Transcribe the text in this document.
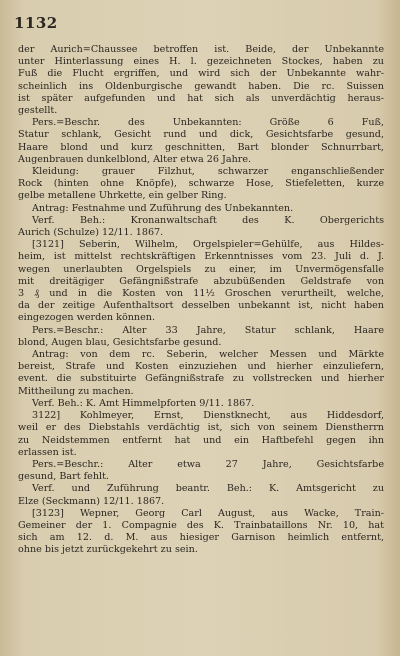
1132
der Aurich=Chaussee betroffen ist. Beide, der Unbekannte
unter Hinterlassung eines H. l. gezeichneten Stockes, haben zu
Fuß die Flucht ergriffen, und wird sich der Unbekannte wahr-
scheinlich ins Oldenburgische gewandt haben. Die rc. Suissen
ist später aufgefunden und hat sich als unverdächtig heraus-
gestellt.
Pers.=Beschr. des Unbekannten: Größe 6 Fuß,
Statur schlank, Gesicht rund und dick, Gesichtsfarbe gesund,
Haare blond und kurz geschnitten, Bart blonder Schnurrbart,
Augenbrauen dunkelblond, Alter etwa 26 Jahre.
Kleidung: grauer Filzhut, schwarzer enganschließender
Rock (hinten ohne Knöpfe), schwarze Hose, Stiefeletten, kurze
gelbe metallene Uhrkette, ein gelber Ring.
Antrag: Festnahme und Zuführung des Unbekannten.
Verf. Beh.: Kronanwaltschaft des K. Obergerichts
Aurich (Schulze) 12/11. 1867.
[3121] Seberin, Wilhelm, Orgelspieler=Gehülfe, aus Hildes-
heim, ist mittelst rechtskräftigen Erkenntnisses vom 23. Juli d. J.
wegen unerlaubten Orgelspiels zu einer, im Unvermögensfalle
mit dreitägiger Gefängnißstrafe abzubüßenden Geldstrafe von
3 ₰ und in die Kosten von 11½ Groschen verurtheilt, welche,
da der zeitige Aufenthaltsort desselben unbekannt ist, nicht haben
eingezogen werden können.
Pers.=Beschr.: Alter 33 Jahre, Statur schlank, Haare
blond, Augen blau, Gesichtsfarbe gesund.
Antrag: von dem rc. Seberin, welcher Messen und Märkte
bereist, Strafe und Kosten einzuziehen und hierher einzuliefern,
event. die substituirte Gefängnißstrafe zu vollstrecken und hierher
Mittheilung zu machen.
Verf. Beh.: K. Amt Himmelpforten 9/11. 1867.
3122] Kohlmeyer, Ernst, Dienstknecht, aus Hiddesdorf,
weil er des Diebstahls verdächtig ist, sich von seinem Dienstherrn
zu Neidstemmen entfernt hat und ein Haftbefehl gegen ihn
erlassen ist.
Pers.=Beschr.: Alter etwa 27 Jahre, Gesichtsfarbe
gesund, Bart fehlt.
Verf. und Zuführung beantr. Beh.: K. Amtsgericht zu
Elze (Seckmann) 12/11. 1867.
[3123] Wepner, Georg Carl August, aus Wacke, Train-
Gemeiner der 1. Compagnie des K. Trainbataillons Nr. 10, hat
sich am 12. d. M. aus hiesiger Garnison heimlich entfernt,
ohne bis jetzt zurückgekehrt zu sein.
